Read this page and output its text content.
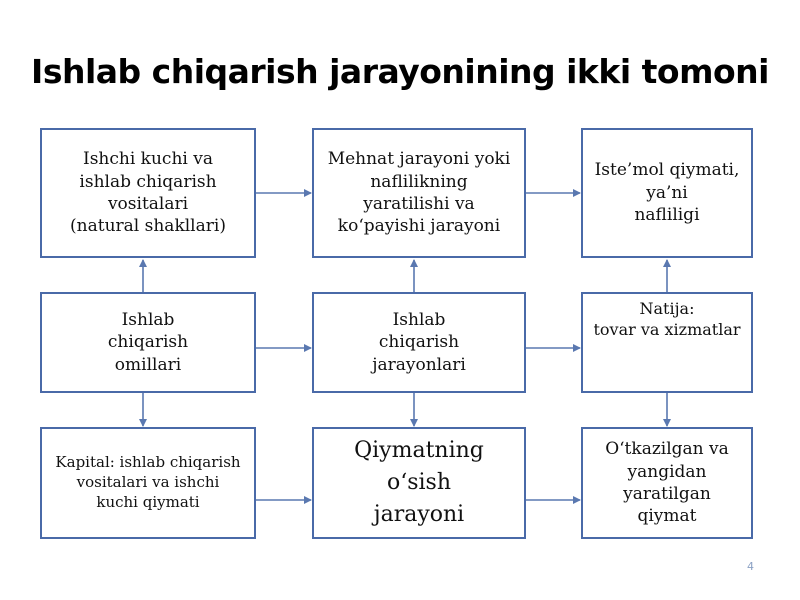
Ishlab chiqarish jarayonining ikki tomoni
Ishchi kuchi va
ishlab chiqarish
vositalari
(natural shakllari)
Mehnat jarayoni yoki
naflilikning
yaratilishi va
ko‘payishi jarayoni
Iste’mol qiymati,
ya’ni
nafliligi
Ishlab
chiqarish
omillari
Ishlab
chiqarish
jarayonlari
Natija:
tovar va xizmatlar
Kapital: ishlab chiqarish
vositalari va ishchi
kuchi qiymati
Qiymatning
o‘sish
jarayoni
O‘tkazilgan va
yangidan
yaratilgan
qiymat
4
